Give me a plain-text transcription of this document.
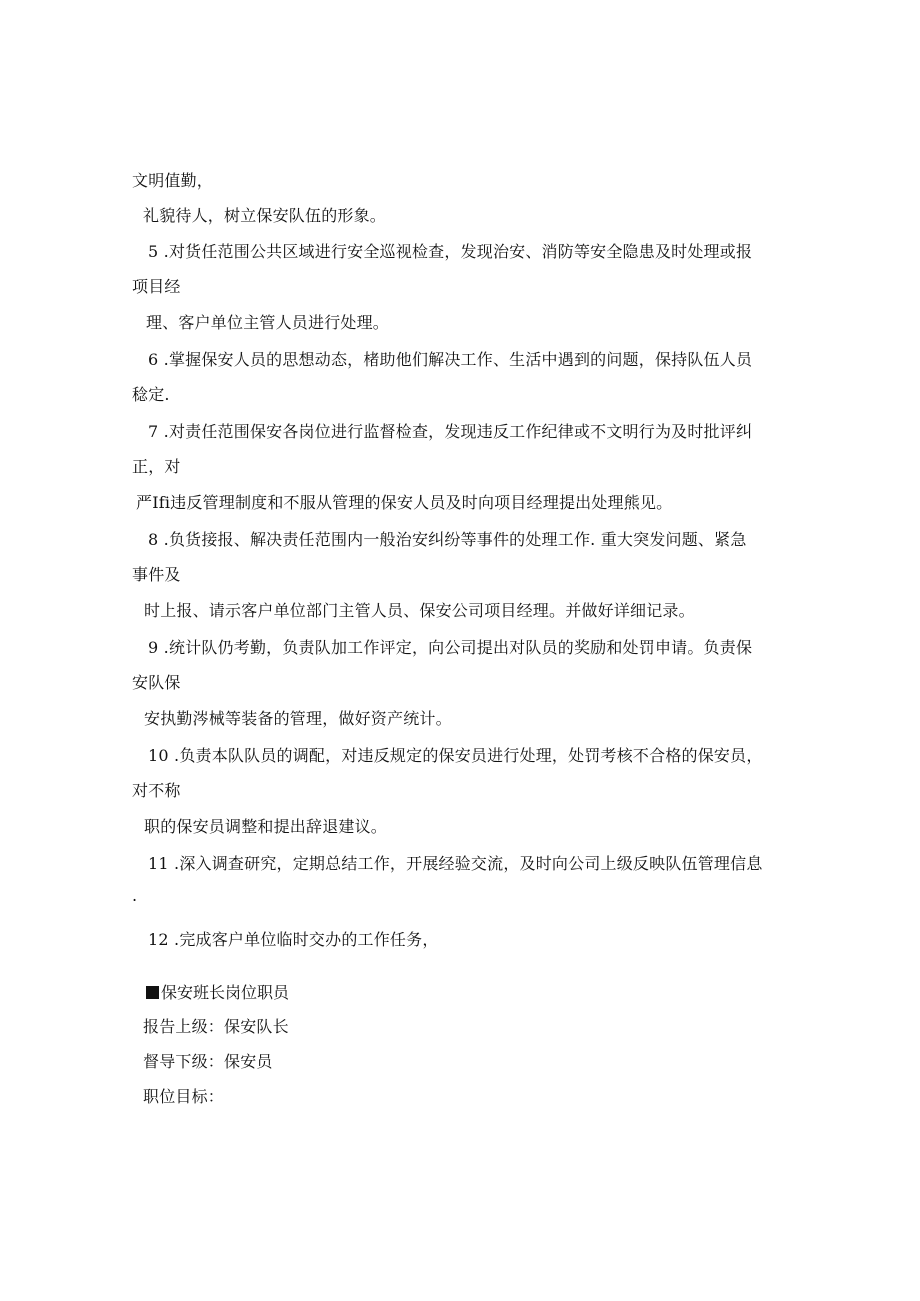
文明值勤，
礼貌待人，树立保安队伍的形象。
5 .对货任范围公共区域进行安全巡视检查，发现治安、消防等安全隐患及时处理或报
项目经
理、客户单位主管人员进行处理。
6 .掌握保安人员的思想动态，楮助他们解决工作、生活中遇到的问题，保持队伍人员
稔定.
7 .对责任范围保安各岗位进行监督检查，发现违反工作纪律或不文明行为及时批评纠
正，对
严Ifi违反管理制度和不服从管理的保安人员及时向项目经理提出处理熊见。
8 .负货接报、解决责任范围内一般治安纠纷等事件的处理工作. 重大突发问题、紧急
事件及
时上报、请示客户单位部门主管人员、保安公司项目经理。并做好详细记录。
9 .统计队仍考勤，负责队加工作评定，向公司提出对队员的奖励和处罚申请。负责保
安队保
安执勤涔械等装备的管理，做好资产统计。
10 .负责本队队员的调配，对违反规定的保安员进行处理，处罚考核不合格的保安员，
对不称
职的保安员调整和提出辞退建议。
11 .深入调查研究，定期总结工作，开展经验交流，及时向公司上级反映队伍管理信息
.
12 .完成客户单位临时交办的工作任务，
保安班长岗位职员
报告上级：保安队长
督导下级：保安员
职位目标：
